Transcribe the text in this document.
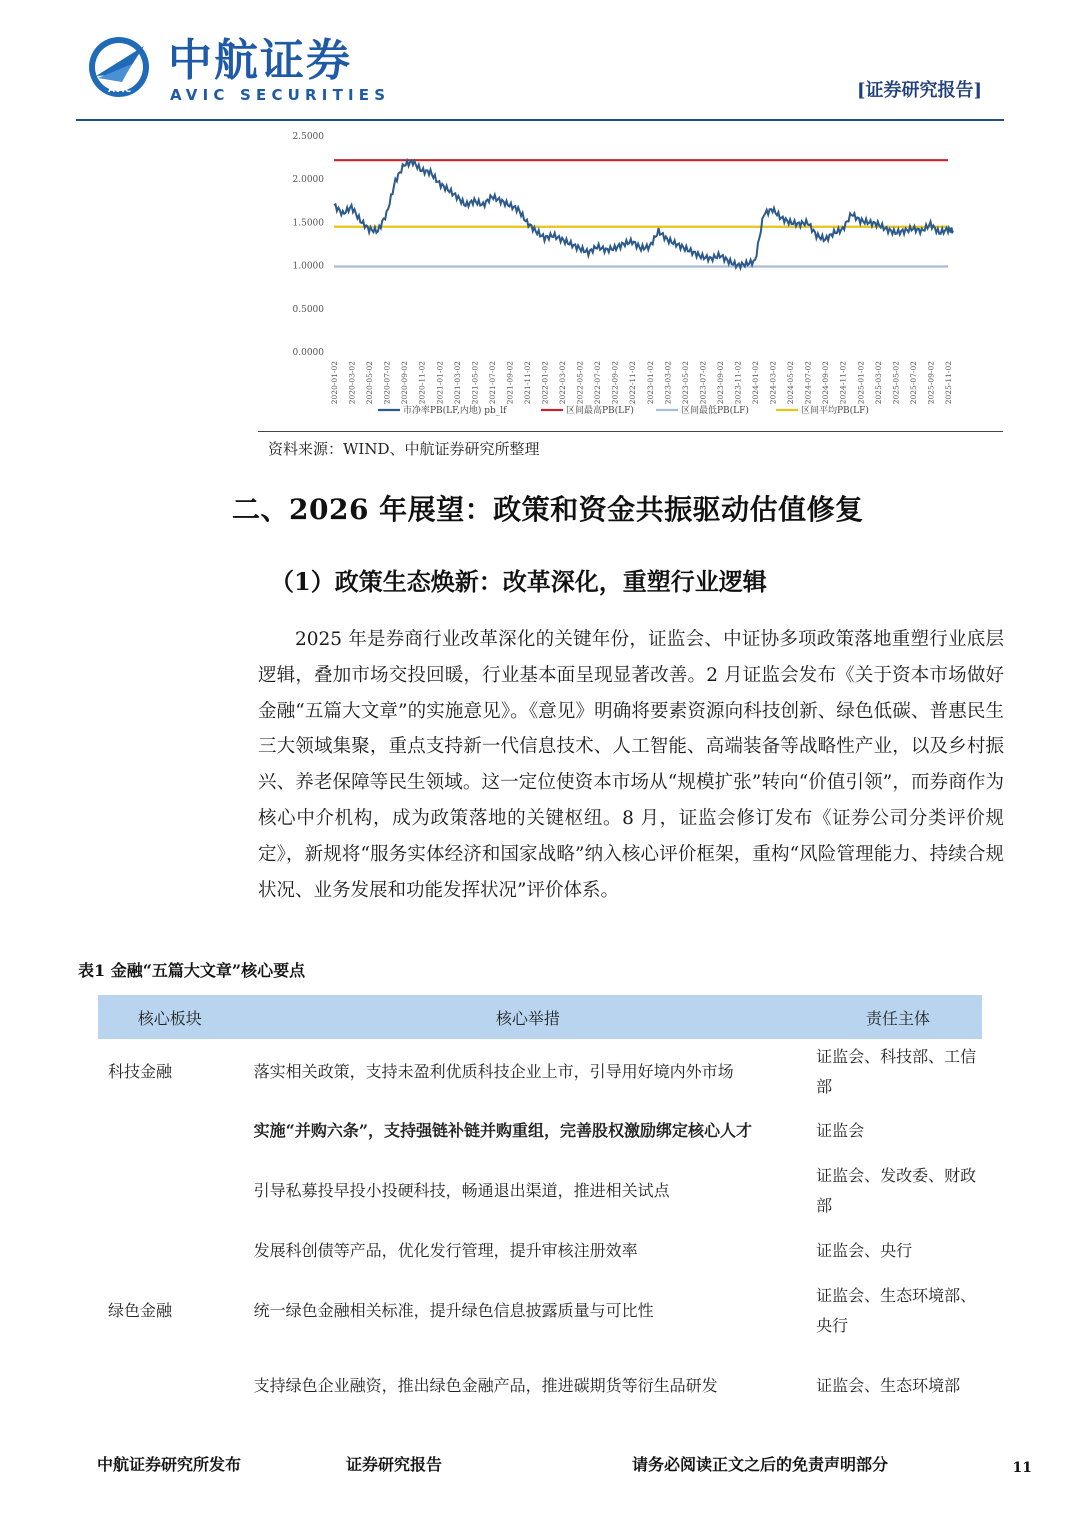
AVIC
中航证券
AVIC SECURITIES	[证券研究报告]
2.5000
2.0000
1.5000
1.0000
0.5000
0.0000
2020-01-02 2020-03-02 2020-05-02 2020-07-02 2020-09-02 2020-11-02 2021-01-02 2021-03-02 2021-05-02 2021-07-02 2021-09-02 2021-11-02 2022-01-02 2022-03-02 2022-05-02 2022-07-02 2022-09-02 2022-11-02 2023-01-02 2023-03-02 2023-05-02 2023-07-02 2023-09-02 2023-11-02 2024-01-02 2024-03-02 2024-05-02 2024-07-02 2024-09-02 2024-11-02 2025-01-02 2025-03-02 2025-05-02 2025-07-02 2025-09-02 2025-11-02
市净率PB(LF,内地) pb_lf	区间最高PB(LF)	区间最低PB(LF)	区间平均PB(LF)
资料来源：WIND、中航证券研究所整理
二、2026 年展望：政策和资金共振驱动估值修复
（1）政策生态焕新：改革深化，重塑行业逻辑
2025 年是券商行业改革深化的关键年份，证监会、中证协多项政策落地重塑行业底层逻辑，叠加市场交投回暖，行业基本面呈现显著改善。2 月证监会发布《关于资本市场做好金融“五篇大文章”的实施意见》。《意见》明确将要素资源向科技创新、绿色低碳、普惠民生三大领域集聚，重点支持新一代信息技术、人工智能、高端装备等战略性产业，以及乡村振兴、养老保障等民生领域。这一定位使资本市场从“规模扩张”转向“价值引领”，而券商作为核心中介机构，成为政策落地的关键枢纽。8 月，证监会修订发布《证券公司分类评价规定》，新规将“服务实体经济和国家战略”纳入核心评价框架，重构“风险管理能力、持续合规状况、业务发展和功能发挥状况”评价体系。
表1 金融“五篇大文章”核心要点
核心板块	核心举措	责任主体
科技金融	落实相关政策，支持未盈利优质科技企业上市，引导用好境内外市场	证监会、科技部、工信部
	实施“并购六条”，支持强链补链并购重组，完善股权激励绑定核心人才	证监会
	引导私募投早投小投硬科技，畅通退出渠道，推进相关试点	证监会、发改委、财政部
	发展科创债等产品，优化发行管理，提升审核注册效率	证监会、央行
绿色金融	统一绿色金融相关标准，提升绿色信息披露质量与可比性	证监会、生态环境部、央行
	支持绿色企业融资，推出绿色金融产品，推进碳期货等衍生品研发	证监会、生态环境部
中航证券研究所发布	证券研究报告	请务必阅读正文之后的免责声明部分	11
